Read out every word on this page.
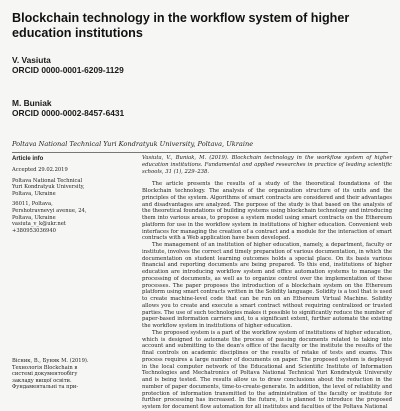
Blockchain technology in the workflow system of higher education institutions
V. Vasiuta
ORCID 0000-0001-6209-1129
M. Buniak
ORCID 0000-0002-8457-6431
Poltava National Technical Yuri Kondratyuk University, Poltava, Ukraine
Article info
Accepted 29.02.2019
Poltava National Technical
Yuri Kondratyuk University,
Poltava, Ukraine
36011, Poltava,
Pershotravnevyi avenue, 24,
Poltava, Ukraine
vasiuta_v_k@ukr.net
+380953036940
Vasiuta, V., Buniak, M. (2019). Blockchain technology in the workflow system of higher education institutions. Fundamental and applied researches in practice of leading scientific schools, 31 (1), 229–238.

The article presents the results of a study of the theoretical foundations of the Blockchain technology. The analysis of the organization structure of its units and the principles of the system. Algorithms of smart contracts are considered and their advantages and disadvantages are analyzed. The purpose of the study is that based on the analysis of the theoretical foundations of building systems using blockchain technology and introducing them into various areas, to propose a system model using smart contracts on the Ethereum platform for use in the workflow system in institutions of higher education. Convenient web interfaces for managing the creation of a contract and a module for the interaction of smart contracts with a Web application have been developed.

The management of an institution of higher education, namely, a department, faculty or institute, involves the correct and timely preparation of various documentation, in which the documentation on student learning outcomes holds a special place. On its basis various financial and reporting documents are being prepared. To this end, institutions of higher education are introducing workflow system and office automation systems to manage the processing of documents, as well as to organize control over the implementation of these processes. The paper proposes the introduction of a blockchain system on the Ethereum platform using smart contracts written in the Solidity language. Solidity is a tool that is used to create machine-level code that can be run on an Ethereum Virtual Machine. Solidity allows you to create and execute a smart contract without requiring centralized or trusted parties. The use of such technologies makes it possible to significantly reduce the number of paper-based information carriers and, to a significant extent, further automate the existing the workflow system in institutions of higher education.

The proposed system is a part of the workflow system of institutions of higher education, which is designed to automate the process of passing documents related to taking into account and submitting to the dean's office of the faculty or the institute the results of the final controls on academic disciplines or the results of retake of tests and exams. This process requires a large number of documents on paper. The proposed system is deployed in the local computer network of the Educational and Scientific Institute of Information Technologies and Mechatronics of Poltava National Technical Yuri Kondratyuk University and is being tested. The results allow us to draw conclusions about the reduction in the number of paper documents, time-to-create-generate. In addition, the level of reliability and protection of information transmitted to the administration of the faculty or institute for further processing has increased. In the future, it is planned to introduce the proposed system for document flow automation for all institutes and faculties of the Poltava National

Вісник, В., Буняк М. (2019).
Технологія Blockchain в
системі документообігу
закладу вищої освіти.
Фундаментальні та при-
